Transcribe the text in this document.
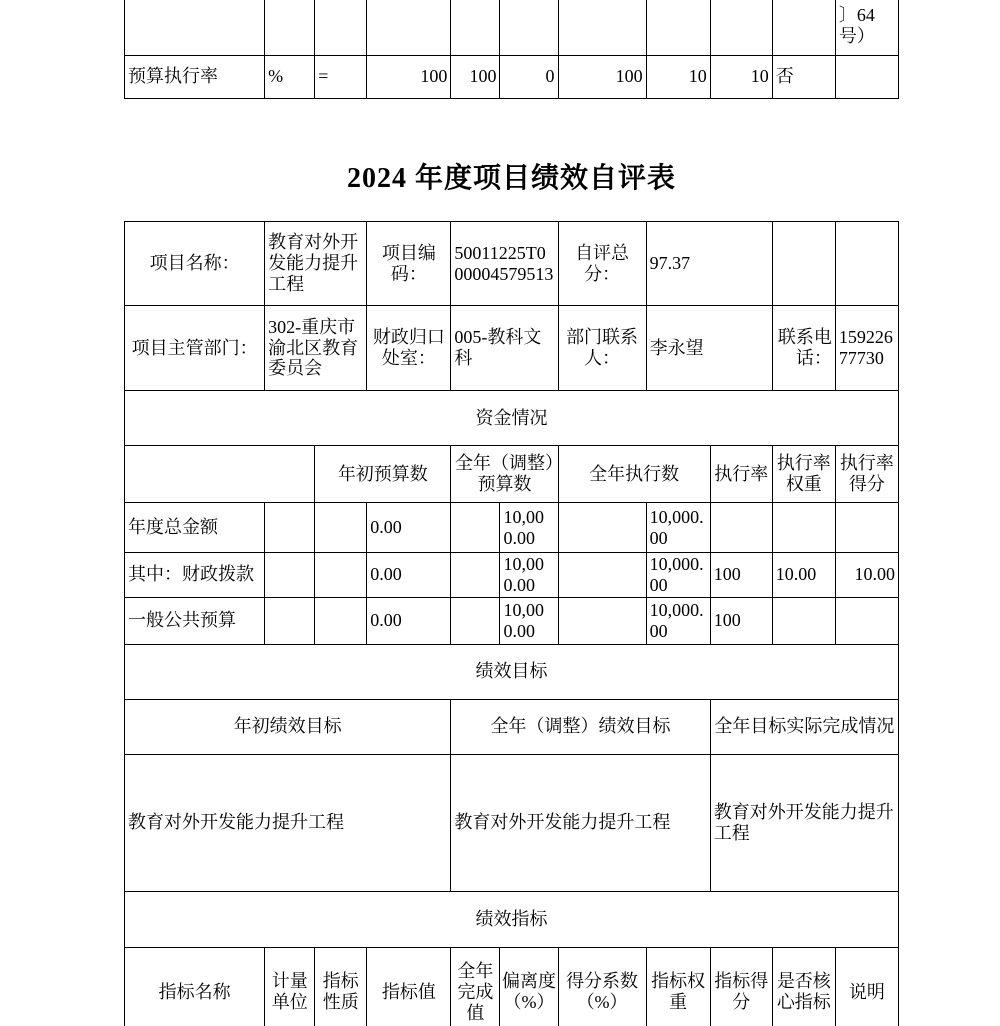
										〕64号）
预算执行率	%	=	100	100	0	100	10	10	否	
2024 年度项目绩效自评表
项目名称：	教育对外开发能力提升工程		项目编码：	50011225T000004579513		自评总分：	97.37			
项目主管部门：	302-重庆市渝北区教育委员会		财政归口处室：	005-教科文科		部门联系人：	李永望		联系电话：	15922677730
资金情况										
		年初预算数		全年（调整）预算数		全年执行数		执行率	执行率权重	执行率得分
年度总金额			0.00		10,000.00		10,000.00			
其中：财政拨款			0.00		10,000.00		10,000.00	100	10.00	10.00
一般公共预算			0.00		10,000.00		10,000.00	100		
绩效目标										
年初绩效目标				全年（调整）绩效目标				全年目标实际完成情况		
教育对外开发能力提升工程				教育对外开发能力提升工程				教育对外开发能力提升工程		
绩效指标										
指标名称	计量单位	指标性质	指标值	全年完成值	偏离度（%）	得分系数（%）	指标权重	指标得分	是否核心指标	说明
